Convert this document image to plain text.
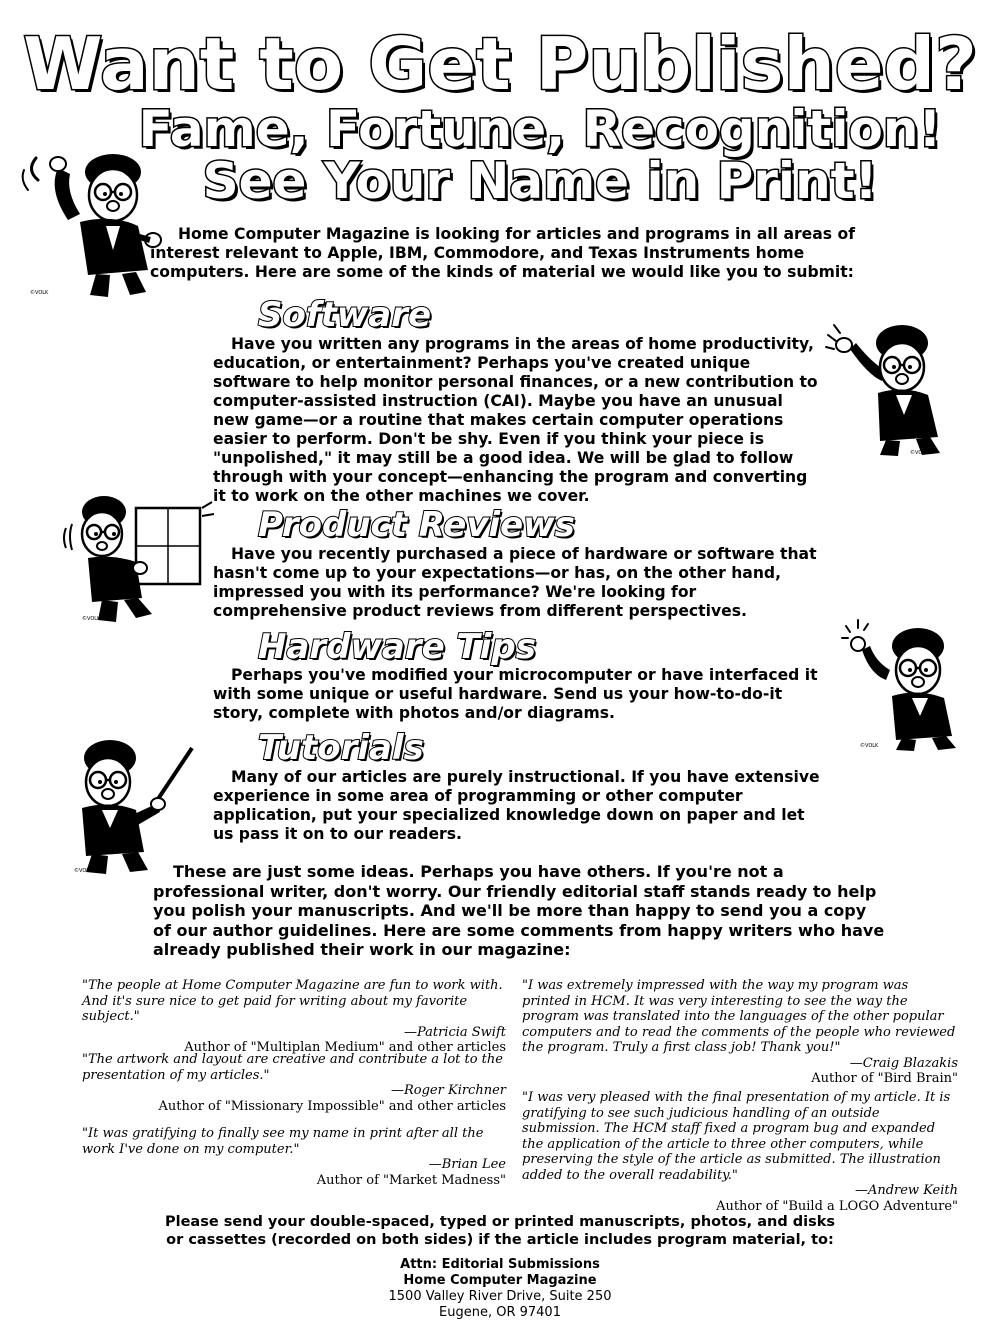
Want to Get Published?
Fame, Fortune, Recognition!
See Your Name in Print!
©VOLK

Home Computer Magazine is looking for articles and programs in all areas of interest relevant to Apple, IBM, Commodore, and Texas Instruments home computers. Here are some of the kinds of material we would like you to submit:

Software

Have you written any programs in the areas of home productivity, education, or entertainment? Perhaps you've created unique software to help monitor personal finances, or a new contribution to computer-assisted instruction (CAI). Maybe you have an unusual new game—or a routine that makes certain computer operations easier to perform. Don't be shy. Even if you think your piece is "unpolished," it may still be a good idea. We will be glad to follow through with your concept—enhancing the program and converting it to work on the other machines we cover.

©VOLK
©VOLK
Product Reviews

Have you recently purchased a piece of hardware or software that hasn't come up to your expectations—or has, on the other hand, impressed you with its performance? We're looking for comprehensive product reviews from different perspectives.

Hardware Tips

Perhaps you've modified your microcomputer or have interfaced it with some unique or useful hardware. Send us your how-to-do-it story, complete with photos and/or diagrams.

©VOLK
Tutorials

Many of our articles are purely instructional. If you have extensive experience in some area of programming or other computer application, put your specialized knowledge down on paper and let us pass it on to our readers.

©VOLK	These are just some ideas. Perhaps you have others. If you're not a professional writer, don't worry. Our friendly editorial staff stands ready to help you polish your manuscripts. And we'll be more than happy to send you a copy of our author guidelines. Here are some comments from happy writers who have already published their work in our magazine:

"The people at Home Computer Magazine are fun to work with. And it's sure nice to get paid for writing about my favorite subject."
—Patricia Swift
Author of "Multiplan Medium" and other articles
"The artwork and layout are creative and contribute a lot to the presentation of my articles."
—Roger Kirchner
Author of "Missionary Impossible" and other articles
"It was gratifying to finally see my name in print after all the work I've done on my computer."
—Brian Lee
Author of "Market Madness"
"I was extremely impressed with the way my program was printed in HCM. It was very interesting to see the way the program was translated into the languages of the other popular computers and to read the comments of the people who reviewed the program. Truly a first class job! Thank you!"
—Craig Blazakis
Author of "Bird Brain"
"I was very pleased with the final presentation of my article. It is gratifying to see such judicious handling of an outside submission. The HCM staff fixed a program bug and expanded the application of the article to three other computers, while preserving the style of the article as submitted. The illustration added to the overall readability."
—Andrew Keith
Author of "Build a LOGO Adventure"
Please send your double-spaced, typed or printed manuscripts, photos, and disks
or cassettes (recorded on both sides) if the article includes program material, to:
Attn: Editorial Submissions
Home Computer Magazine
1500 Valley River Drive, Suite 250
Eugene, OR 97401
